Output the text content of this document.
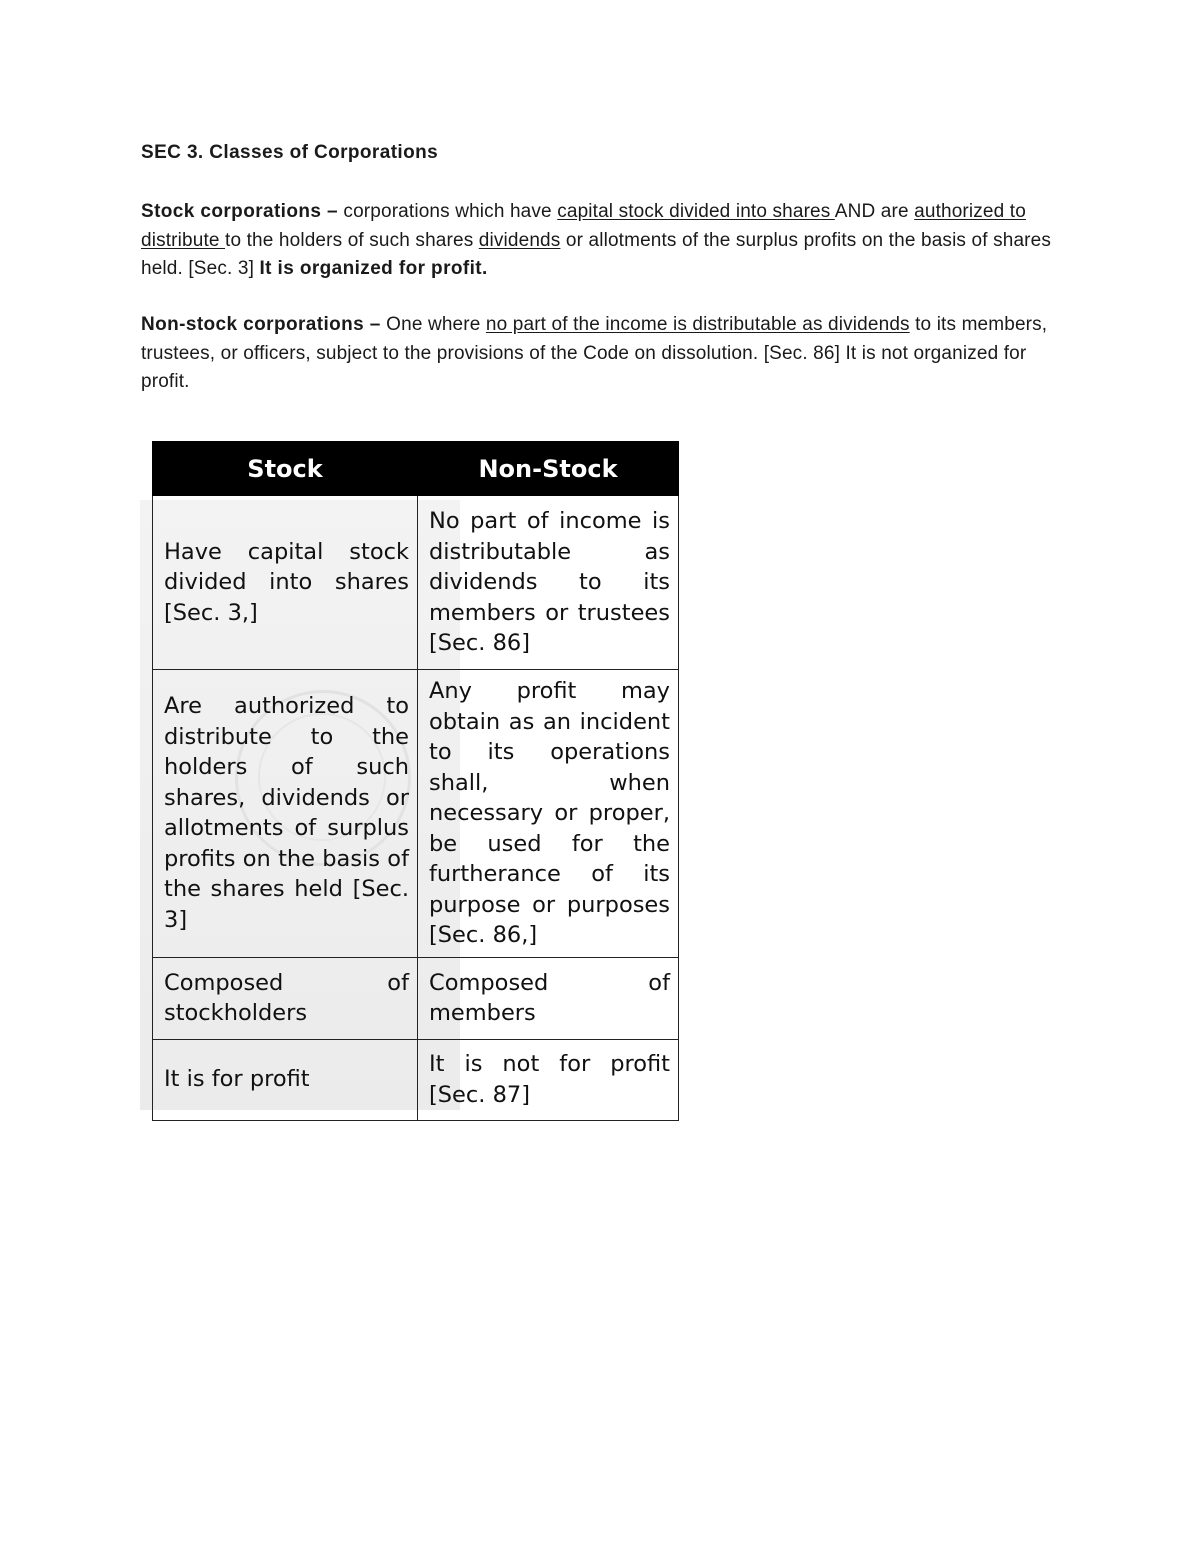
SEC 3. Classes of Corporations

Stock corporations – corporations which have capital stock divided into shares AND are authorized to distribute to the holders of such shares dividends or allotments of the surplus profits on the basis of shares held. [Sec. 3] It is organized for profit.

Non-stock corporations – One where no part of the income is distributable as dividends to its members, trustees, or officers, subject to the provisions of the Code on dissolution. [Sec. 86] It is not organized for profit.

Stock	Non-Stock
Have capital stock divided into shares [Sec. 3,]	No part of income is distributable as dividends to its members or trustees [Sec. 86]
Are authorized to distribute to the holders of such shares, dividends or allotments of surplus profits on the basis of the shares held [Sec. 3]	Any profit may obtain as an incident to its operations shall, when necessary or proper, be used for the furtherance of its purpose or purposes [Sec. 86,]
Composed of stockholders	Composed of members
It is for profit	It is not for profit [Sec. 87]
